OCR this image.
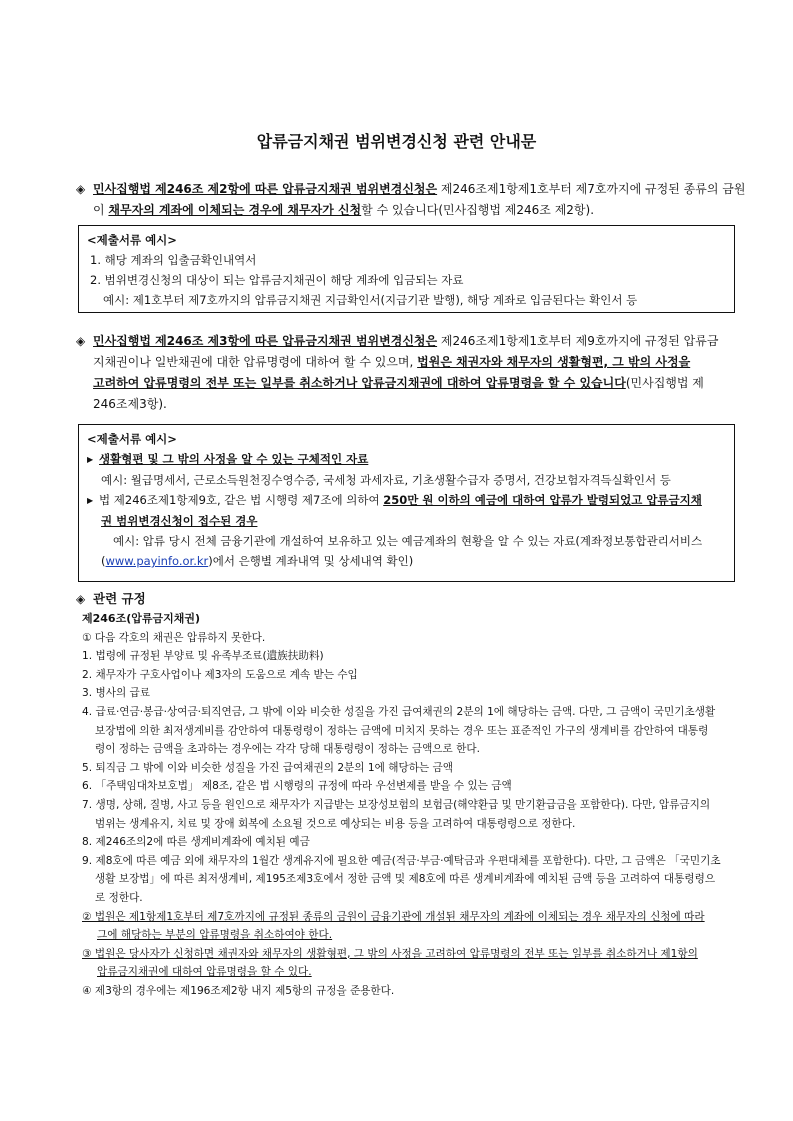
압류금지채권 범위변경신청 관련 안내문
◈ 민사집행법 제246조 제2항에 따른 압류금지채권 범위변경신청은 제246조제1항제1호부터 제7호까지에 규정된 종류의 금원
이 채무자의 계좌에 이체되는 경우에 채무자가 신청할 수 있습니다(민사집행법 제246조 제2항).
<제출서류 예시>
1. 해당 계좌의 입출금확인내역서
2. 범위변경신청의 대상이 되는 압류금지채권이 해당 계좌에 입금되는 자료
예시: 제1호부터 제7호까지의 압류금지채권 지급확인서(지급기관 발행), 해당 계좌로 입금된다는 확인서 등
◈ 민사집행법 제246조 제3항에 따른 압류금지채권 범위변경신청은 제246조제1항제1호부터 제9호까지에 규정된 압류금
지채권이나 일반채권에 대한 압류명령에 대하여 할 수 있으며, 법원은 채권자와 채무자의 생활형편, 그 밖의 사정을
고려하여 압류명령의 전부 또는 일부를 취소하거나 압류금지채권에 대하여 압류명령을 할 수 있습니다(민사집행법 제
246조제3항).
<제출서류 예시>
▶ 생활형편 및 그 밖의 사정을 알 수 있는 구체적인 자료
예시: 월급명세서, 근로소득원천징수영수증, 국세청 과세자료, 기초생활수급자 증명서, 건강보험자격득실확인서 등
▶ 법 제246조제1항제9호, 같은 법 시행령 제7조에 의하여 250만 원 이하의 예금에 대하여 압류가 발령되었고 압류금지채
권 범위변경신청이 접수된 경우
예시: 압류 당시 전체 금융기관에 개설하여 보유하고 있는 예금계좌의 현황을 알 수 있는 자료(계좌정보통합관리서비스
(www.payinfo.or.kr)에서 은행별 계좌내역 및 상세내역 확인)
◈ 관련 규정
제246조(압류금지채권)
① 다음 각호의 채권은 압류하지 못한다.
1. 법령에 규정된 부양료 및 유족부조료(遺族扶助料)
2. 채무자가 구호사업이나 제3자의 도움으로 계속 받는 수입
3. 병사의 급료
4. 급료·연금·봉급·상여금·퇴직연금, 그 밖에 이와 비슷한 성질을 가진 급여채권의 2분의 1에 해당하는 금액. 다만, 그 금액이 국민기초생활
보장법에 의한 최저생계비를 감안하여 대통령령이 정하는 금액에 미치지 못하는 경우 또는 표준적인 가구의 생계비를 감안하여 대통령
령이 정하는 금액을 초과하는 경우에는 각각 당해 대통령령이 정하는 금액으로 한다.
5. 퇴직금 그 밖에 이와 비슷한 성질을 가진 급여채권의 2분의 1에 해당하는 금액
6. 「주택임대차보호법」 제8조, 같은 법 시행령의 규정에 따라 우선변제를 받을 수 있는 금액
7. 생명, 상해, 질병, 사고 등을 원인으로 채무자가 지급받는 보장성보험의 보험금(해약환급 및 만기환급금을 포함한다). 다만, 압류금지의
범위는 생계유지, 치료 및 장애 회복에 소요될 것으로 예상되는 비용 등을 고려하여 대통령령으로 정한다.
8. 제246조의2에 따른 생계비계좌에 예치된 예금
9. 제8호에 따른 예금 외에 채무자의 1월간 생계유지에 필요한 예금(적금·부금·예탁금과 우편대체를 포함한다). 다만, 그 금액은 「국민기초
생활 보장법」에 따른 최저생계비, 제195조제3호에서 정한 금액 및 제8호에 따른 생계비계좌에 예치된 금액 등을 고려하여 대통령령으
로 정한다.
② 법원은 제1항제1호부터 제7호까지에 규정된 종류의 금원이 금융기관에 개설된 채무자의 계좌에 이체되는 경우 채무자의 신청에 따라
그에 해당하는 부분의 압류명령을 취소하여야 한다.
③ 법원은 당사자가 신청하면 채권자와 채무자의 생활형편, 그 밖의 사정을 고려하여 압류명령의 전부 또는 일부를 취소하거나 제1항의
압류금지채권에 대하여 압류명령을 할 수 있다.
④ 제3항의 경우에는 제196조제2항 내지 제5항의 규정을 준용한다.
